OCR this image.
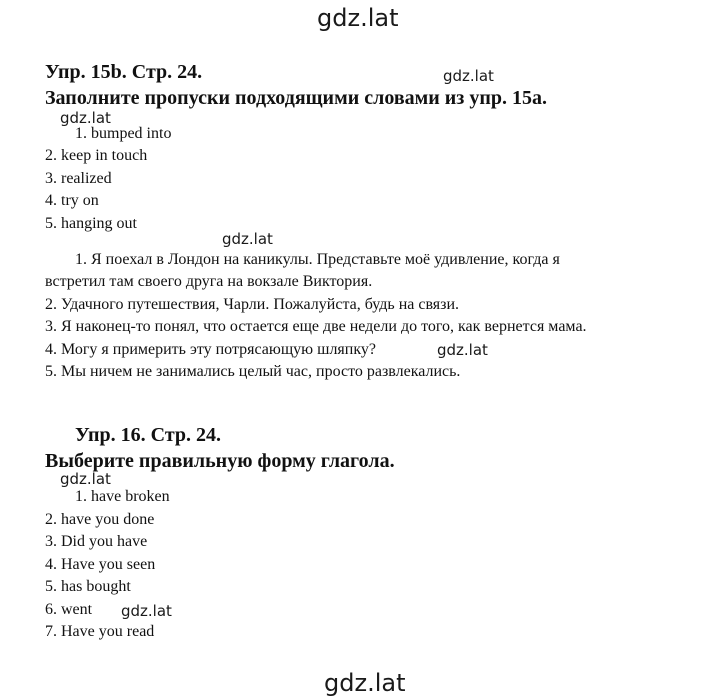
gdz.lat
gdz.lat
gdz.lat
gdz.lat
gdz.lat
gdz.lat
gdz.lat
gdz.lat
Упр. 15b. Стр. 24.
Заполните пропуски подходящими словами из упр. 15a.
1. bumped into
2. keep in touch
3. realized
4. try on
5. hanging out
1. Я поехал в Лондон на каникулы. Представьте моё удивление, когда я
встретил там своего друга на вокзале Виктория.
2. Удачного путешествия, Чарли. Пожалуйста, будь на связи.
3. Я наконец-то понял, что остается еще две недели до того, как вернется мама.
4. Могу я примерить эту потрясающую шляпку?
5. Мы ничем не занимались целый час, просто развлекались.
Упр. 16. Стр. 24.
Выберите правильную форму глагола.
1. have broken
2. have you done
3. Did you have
4. Have you seen
5. has bought
6. went
7. Have you read
